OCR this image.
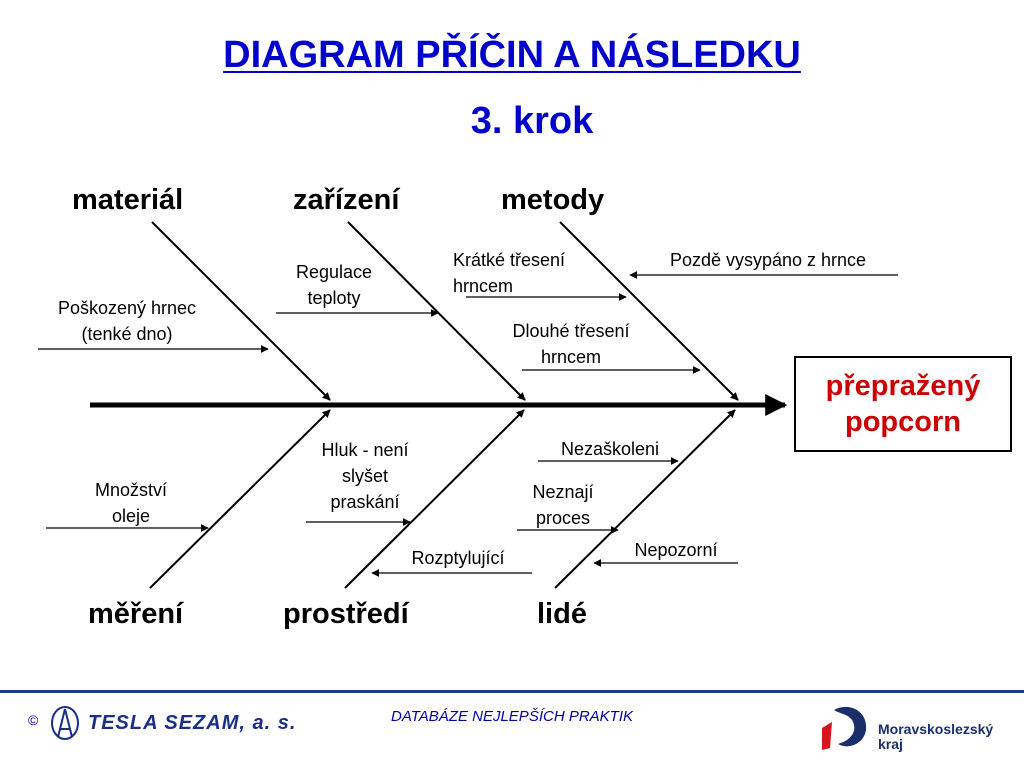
DIAGRAM PŘÍČIN A NÁSLEDKU
3. krok
materiál	zařízení	metody
měření	prostředí	lidé
Poškozený hrnec
(tenké dno)
Regulace
teploty
Krátké třesení
hrncem
Dlouhé třesení
hrncem
Pozdě vysypáno z hrnce
Množství
oleje
Hluk - není
slyšet
praskání
Rozptylující
Nezaškoleni
Neznají
proces
Nepozorní
přepražený
popcorn
© TESLA SEZAM, a. s.	DATABÁZE NEJLEPŠÍCH PRAKTIK
Moravskoslezský
kraj
